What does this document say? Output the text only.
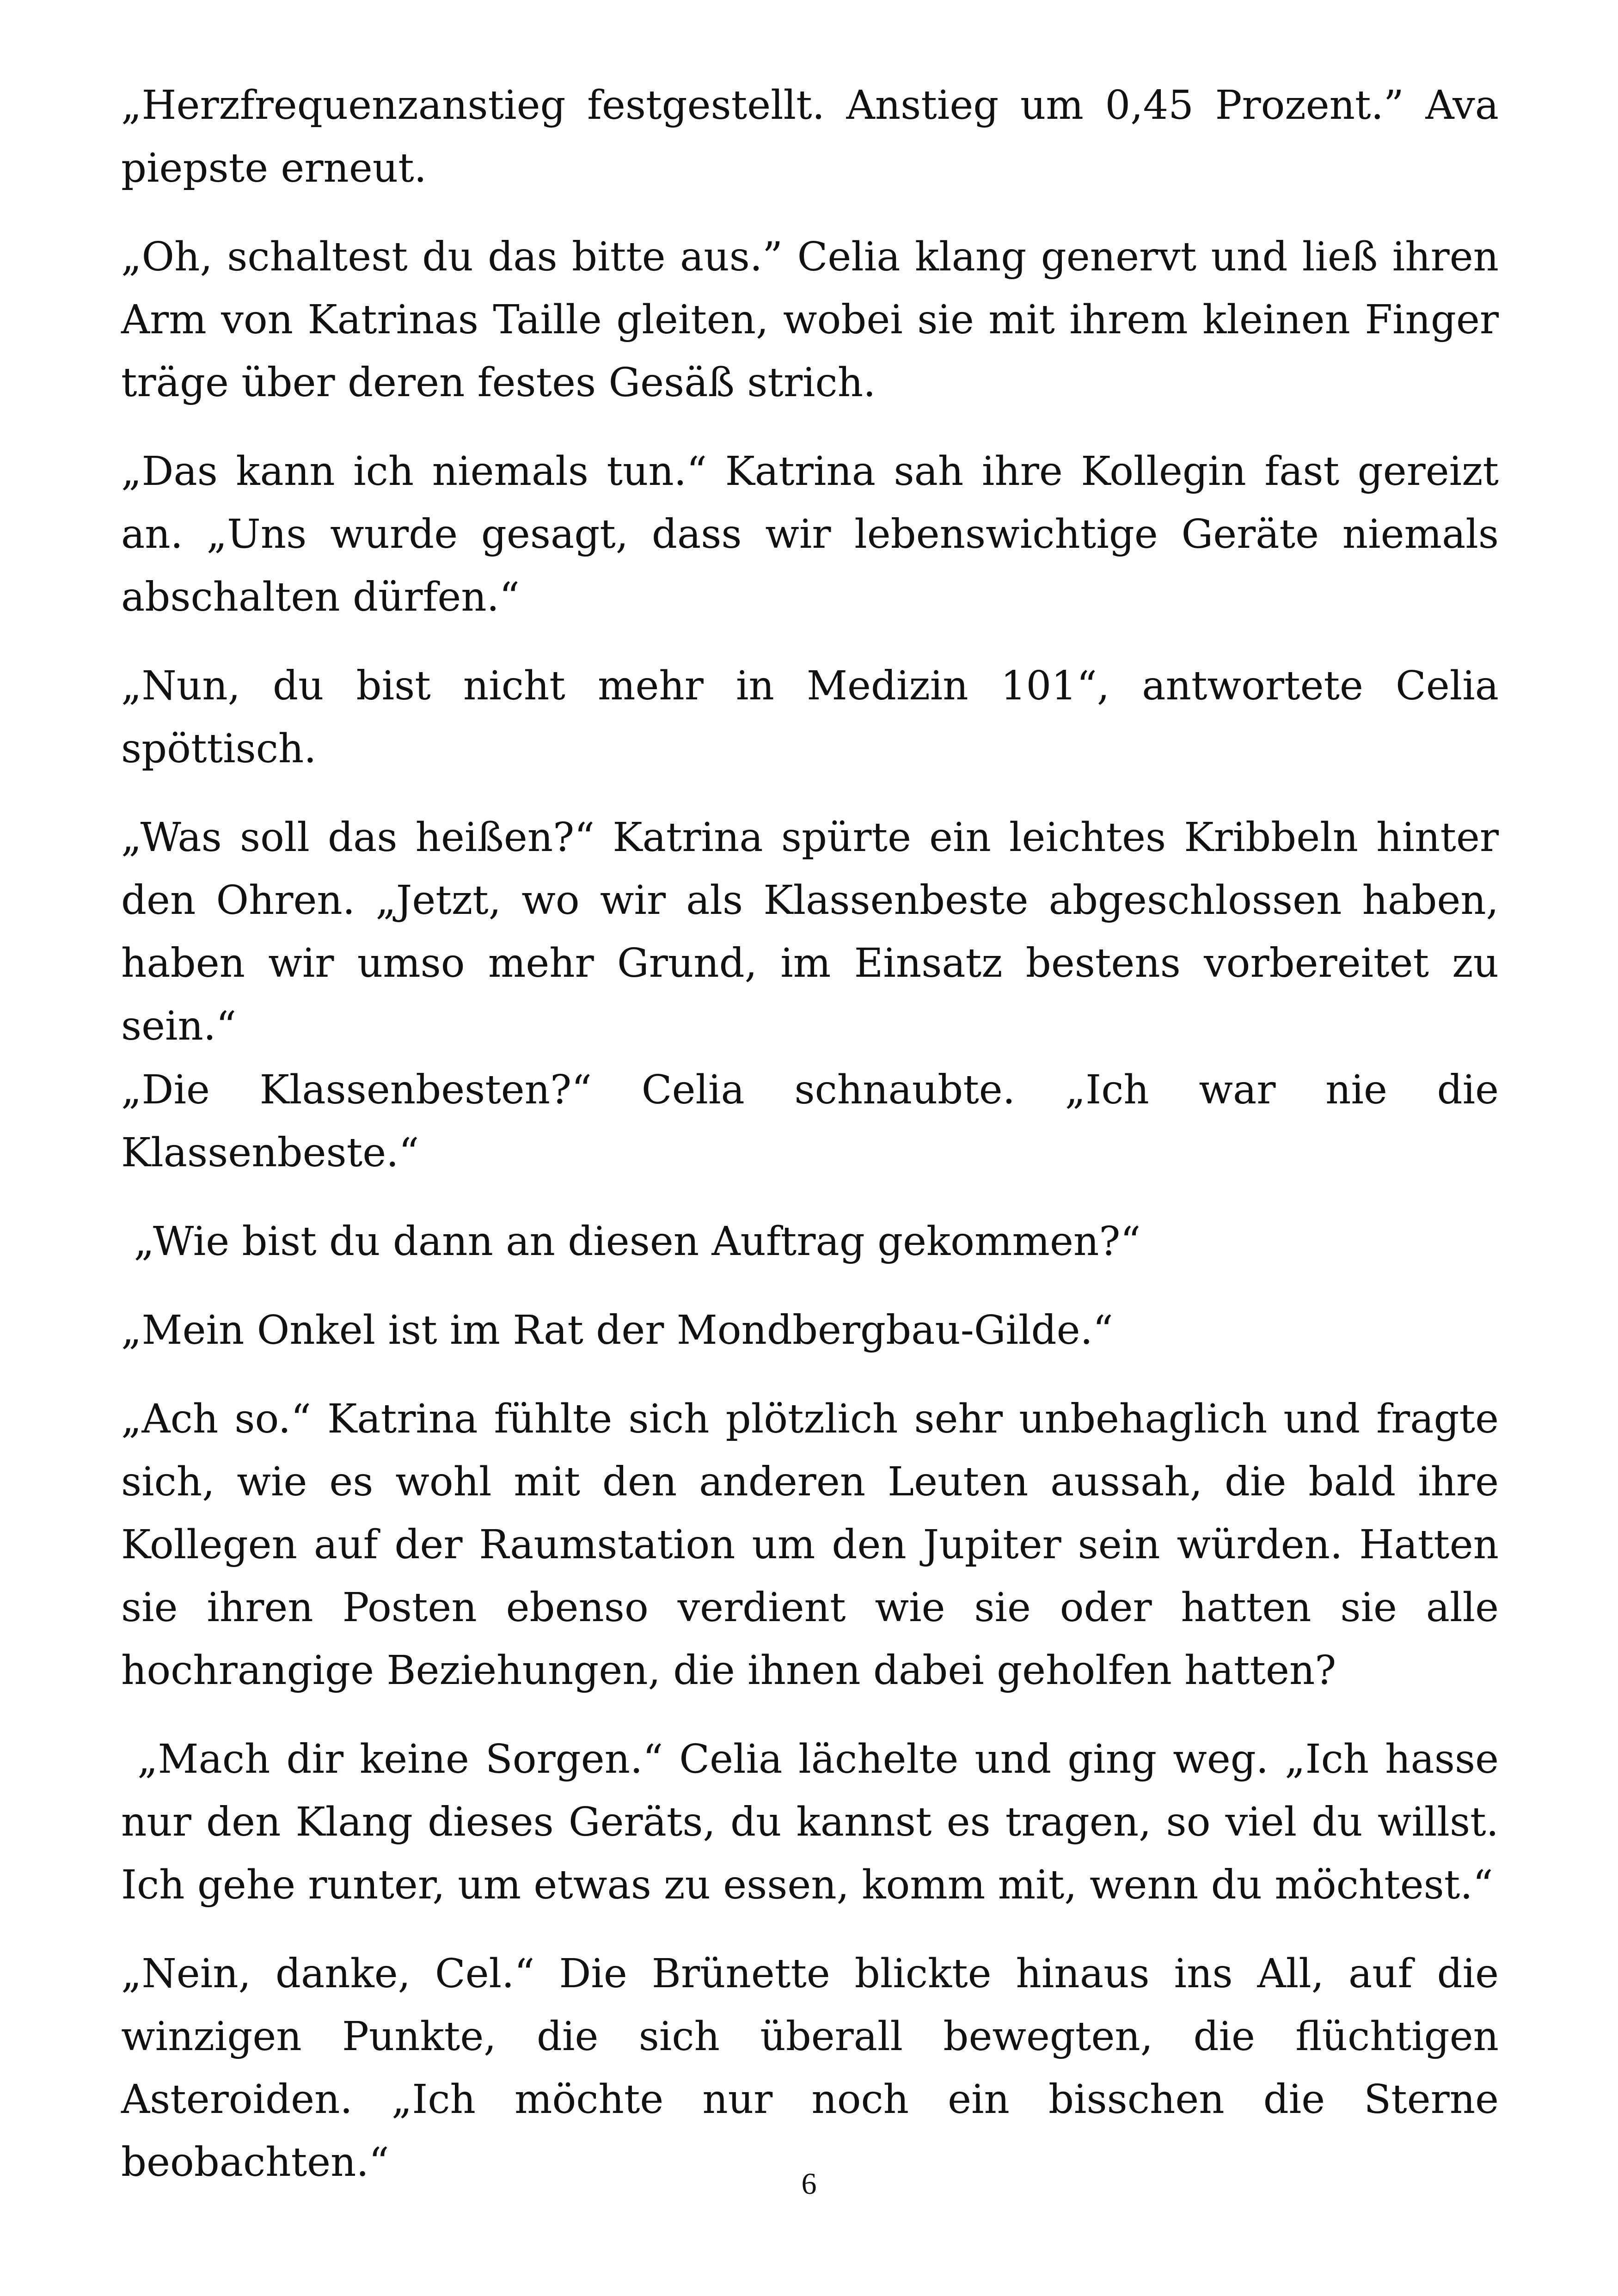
„Herzfrequenzanstieg festgestellt. Anstieg um 0,45 Prozent.” Ava piepste erneut.

„Oh, schaltest du das bitte aus.” Celia klang genervt und ließ ihren Arm von Katrinas Taille gleiten, wobei sie mit ihrem kleinen Finger träge über deren festes Gesäß strich.

„Das kann ich niemals tun.“ Katrina sah ihre Kollegin fast gereizt an. „Uns wurde gesagt, dass wir lebenswichtige Geräte niemals abschalten dürfen.“

„Nun, du bist nicht mehr in Medizin 101“, antwortete Celia spöttisch.

„Was soll das heißen?“ Katrina spürte ein leichtes Kribbeln hinter den Ohren. „Jetzt, wo wir als Klassenbeste abgeschlossen haben, haben wir umso mehr Grund, im Einsatz bestens vorbereitet zu sein.“

„Die Klassenbesten?“ Celia schnaubte. „Ich war nie die Klassenbeste.“

„Wie bist du dann an diesen Auftrag gekommen?“

„Mein Onkel ist im Rat der Mondbergbau-Gilde.“

„Ach so.“ Katrina fühlte sich plötzlich sehr unbehaglich und fragte sich, wie es wohl mit den anderen Leuten aussah, die bald ihre Kollegen auf der Raumstation um den Jupiter sein würden. Hatten sie ihren Posten ebenso verdient wie sie oder hatten sie alle hochrangige Beziehungen, die ihnen dabei geholfen hatten?

„Mach dir keine Sorgen.“ Celia lächelte und ging weg. „Ich hasse nur den Klang dieses Geräts, du kannst es tragen, so viel du willst. Ich gehe runter, um etwas zu essen, komm mit, wenn du möchtest.“

„Nein, danke, Cel.“ Die Brünette blickte hinaus ins All, auf die winzigen Punkte, die sich überall bewegten, die flüchtigen Asteroiden. „Ich möchte nur noch ein bisschen die Sterne beobachten.“	6
